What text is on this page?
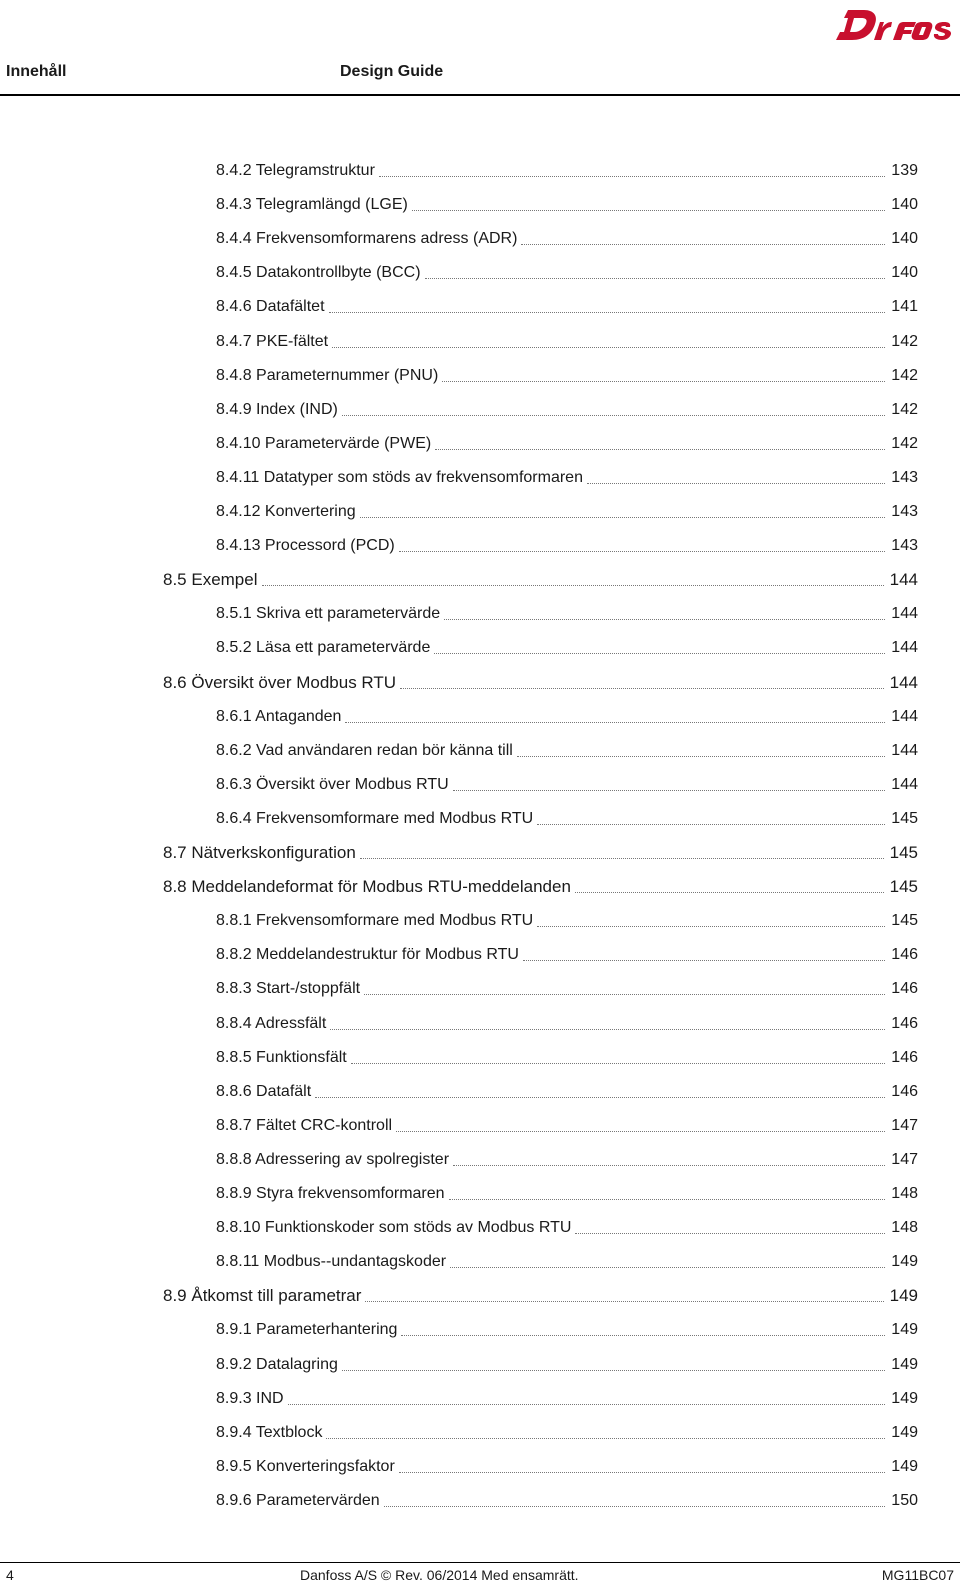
Danfoss
Innehåll	Design Guide
8.4.2 Telegramstruktur	139
8.4.3 Telegramlängd (LGE)	140
8.4.4 Frekvensomformarens adress (ADR)	140
8.4.5 Datakontrollbyte (BCC)	140
8.4.6 Datafältet	141
8.4.7 PKE-fältet	142
8.4.8 Parameternummer (PNU)	142
8.4.9 Index (IND)	142
8.4.10 Parametervärde (PWE)	142
8.4.11 Datatyper som stöds av frekvensomformaren	143
8.4.12 Konvertering	143
8.4.13 Processord (PCD)	143
8.5 Exempel	144
8.5.1 Skriva ett parametervärde	144
8.5.2 Läsa ett parametervärde	144
8.6 Översikt över Modbus RTU	144
8.6.1 Antaganden	144
8.6.2 Vad användaren redan bör känna till	144
8.6.3 Översikt över Modbus RTU	144
8.6.4 Frekvensomformare med Modbus RTU	145
8.7 Nätverkskonfiguration	145
8.8 Meddelandeformat för Modbus RTU-meddelanden	145
8.8.1 Frekvensomformare med Modbus RTU	145
8.8.2 Meddelandestruktur för Modbus RTU	146
8.8.3 Start-/stoppfält	146
8.8.4 Adressfält	146
8.8.5 Funktionsfält	146
8.8.6 Datafält	146
8.8.7 Fältet CRC-kontroll	147
8.8.8 Adressering av spolregister	147
8.8.9 Styra frekvensomformaren	148
8.8.10 Funktionskoder som stöds av Modbus RTU	148
8.8.11 Modbus--undantagskoder	149
8.9 Åtkomst till parametrar	149
8.9.1 Parameterhantering	149
8.9.2 Datalagring	149
8.9.3 IND	149
8.9.4 Textblock	149
8.9.5 Konverteringsfaktor	149
8.9.6 Parametervärden	150
4	Danfoss A/S © Rev. 06/2014 Med ensamrätt.	MG11BC07
